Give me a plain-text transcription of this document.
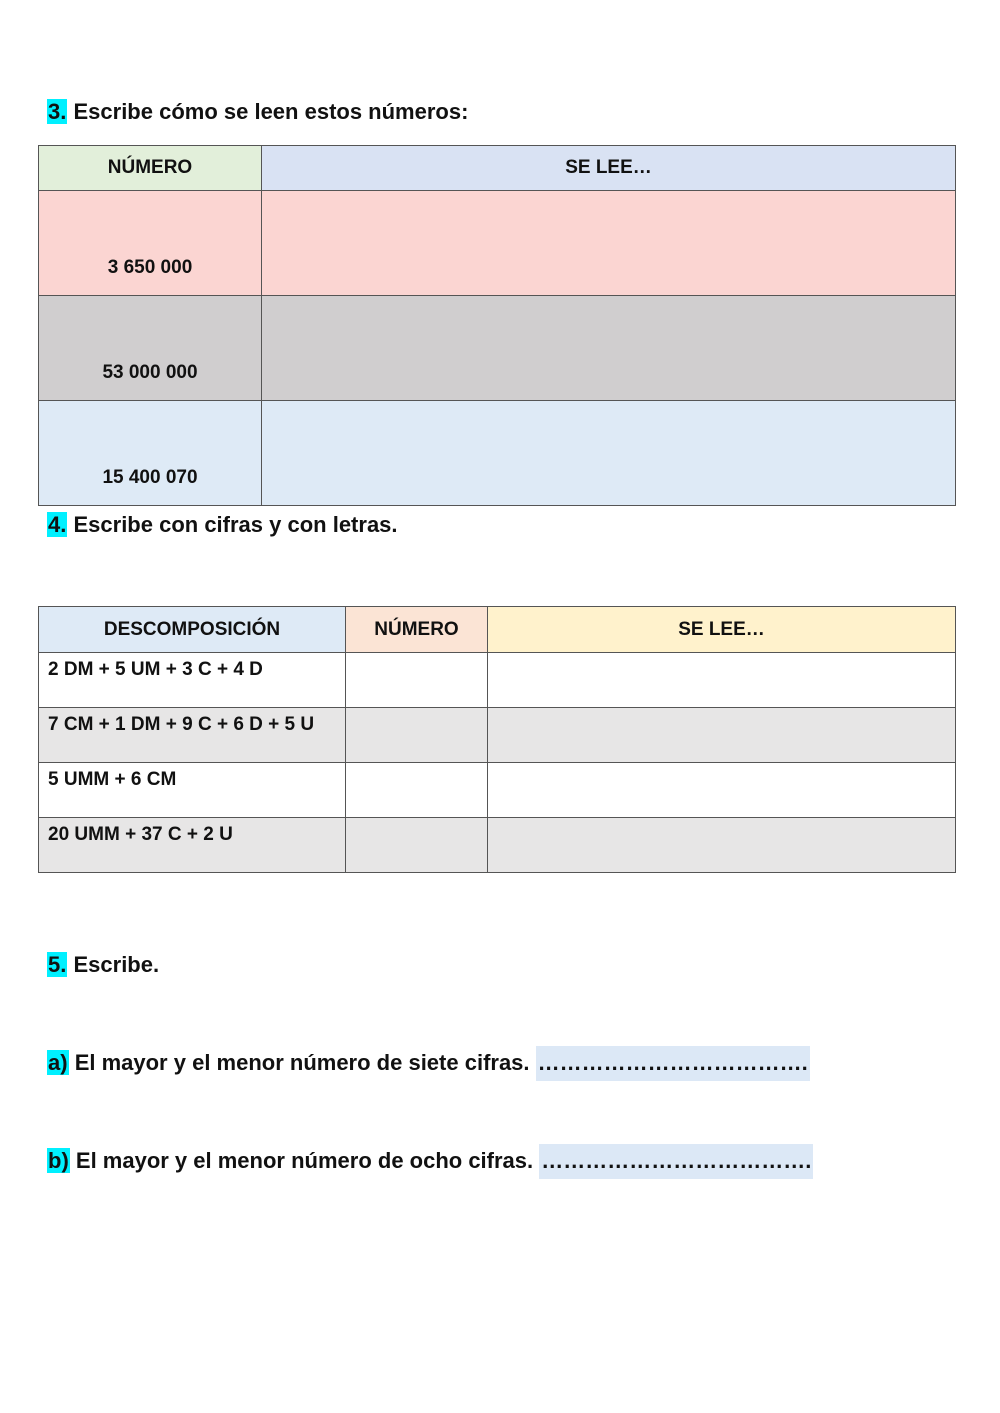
3. Escribe cómo se leen estos números:
NÚMERO	SE LEE…
3 650 000	
53 000 000	
15 400 070	
4. Escribe con cifras y con letras.
DESCOMPOSICIÓN	NÚMERO	SE LEE…
2 DM + 5 UM + 3 C + 4 D		
7 CM + 1 DM + 9 C + 6 D + 5 U		
5 UMM + 6 CM		
20 UMM + 37 C + 2 U		
5. Escribe.
a) El mayor y el menor número de siete cifras. ……………………………….
b) El mayor y el menor número de ocho cifras. ……………………………….
